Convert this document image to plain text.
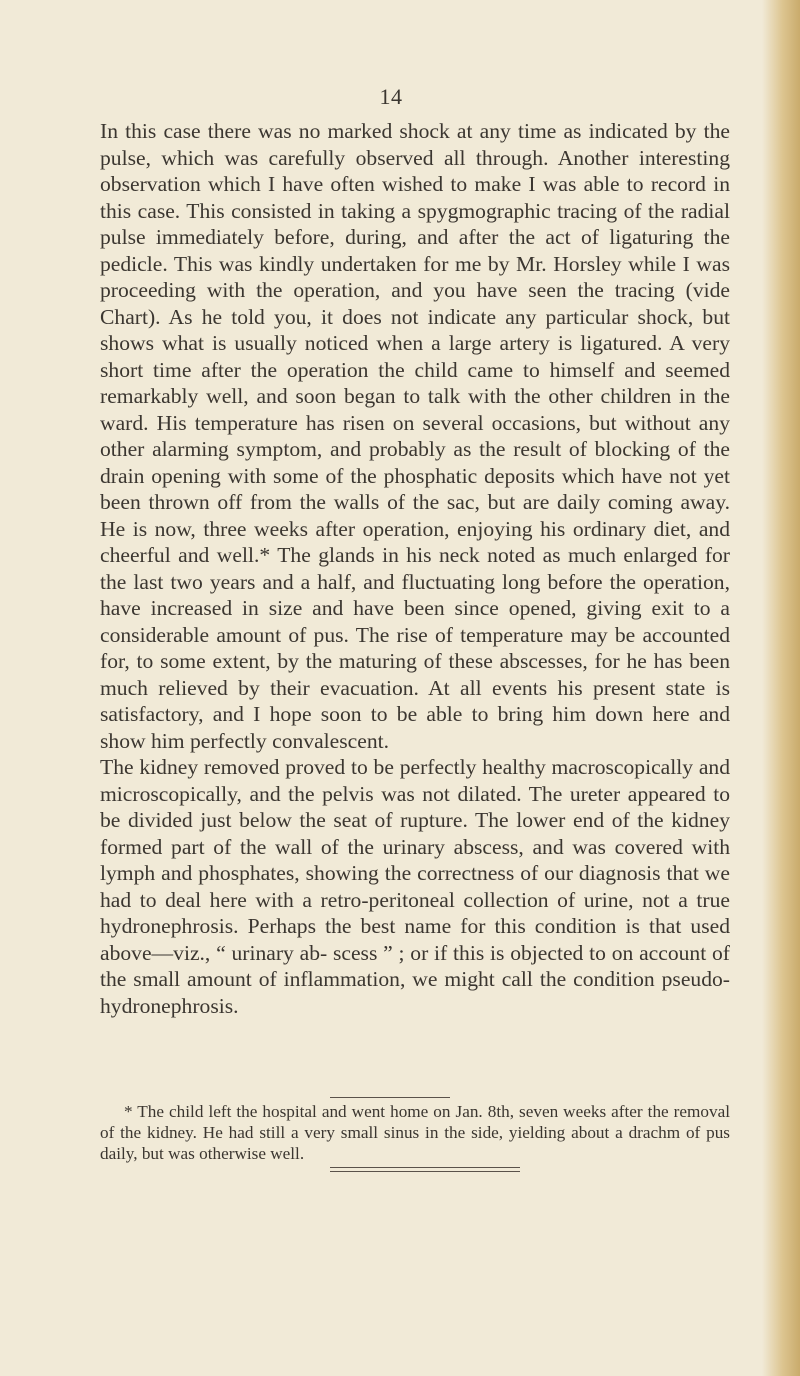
14

In this case there was no marked shock at any time as indicated by the pulse, which was carefully observed all through. Another interesting observation which I have often wished to make I was able to record in this case. This consisted in taking a spygmographic tracing of the radial pulse immediately before, during, and after the act of ligaturing the pedicle. This was kindly undertaken for me by Mr. Horsley while I was proceeding with the operation, and you have seen the tracing (vide Chart). As he told you, it does not indicate any particular shock, but shows what is usually noticed when a large artery is ligatured. A very short time after the operation the child came to himself and seemed remarkably well, and soon began to talk with the other children in the ward. His temperature has risen on several occasions, but without any other alarming symptom, and probably as the result of blocking of the drain opening with some of the phosphatic deposits which have not yet been thrown off from the walls of the sac, but are daily coming away. He is now, three weeks after operation, enjoying his ordinary diet, and cheerful and well.* The glands in his neck noted as much enlarged for the last two years and a half, and fluctuating long before the operation, have increased in size and have been since opened, giving exit to a considerable amount of pus. The rise of temperature may be accounted for, to some extent, by the maturing of these abscesses, for he has been much relieved by their evacuation. At all events his present state is satisfactory, and I hope soon to be able to bring him down here and show him perfectly convalescent.

The kidney removed proved to be perfectly healthy macroscopically and microscopically, and the pelvis was not dilated. The ureter appeared to be divided just below the seat of rupture. The lower end of the kidney formed part of the wall of the urinary abscess, and was covered with lymph and phosphates, showing the correctness of our diagnosis that we had to deal here with a retro-peritoneal collection of urine, not a true hydronephrosis. Perhaps the best name for this condition is that used above—viz., “ urinary ab- scess ” ; or if this is objected to on account of the small amount of inflammation, we might call the condition pseudo- hydronephrosis.

* The child left the hospital and went home on Jan. 8th, seven weeks after the removal of the kidney. He had still a very small sinus in the side, yielding about a drachm of pus daily, but was otherwise well.
